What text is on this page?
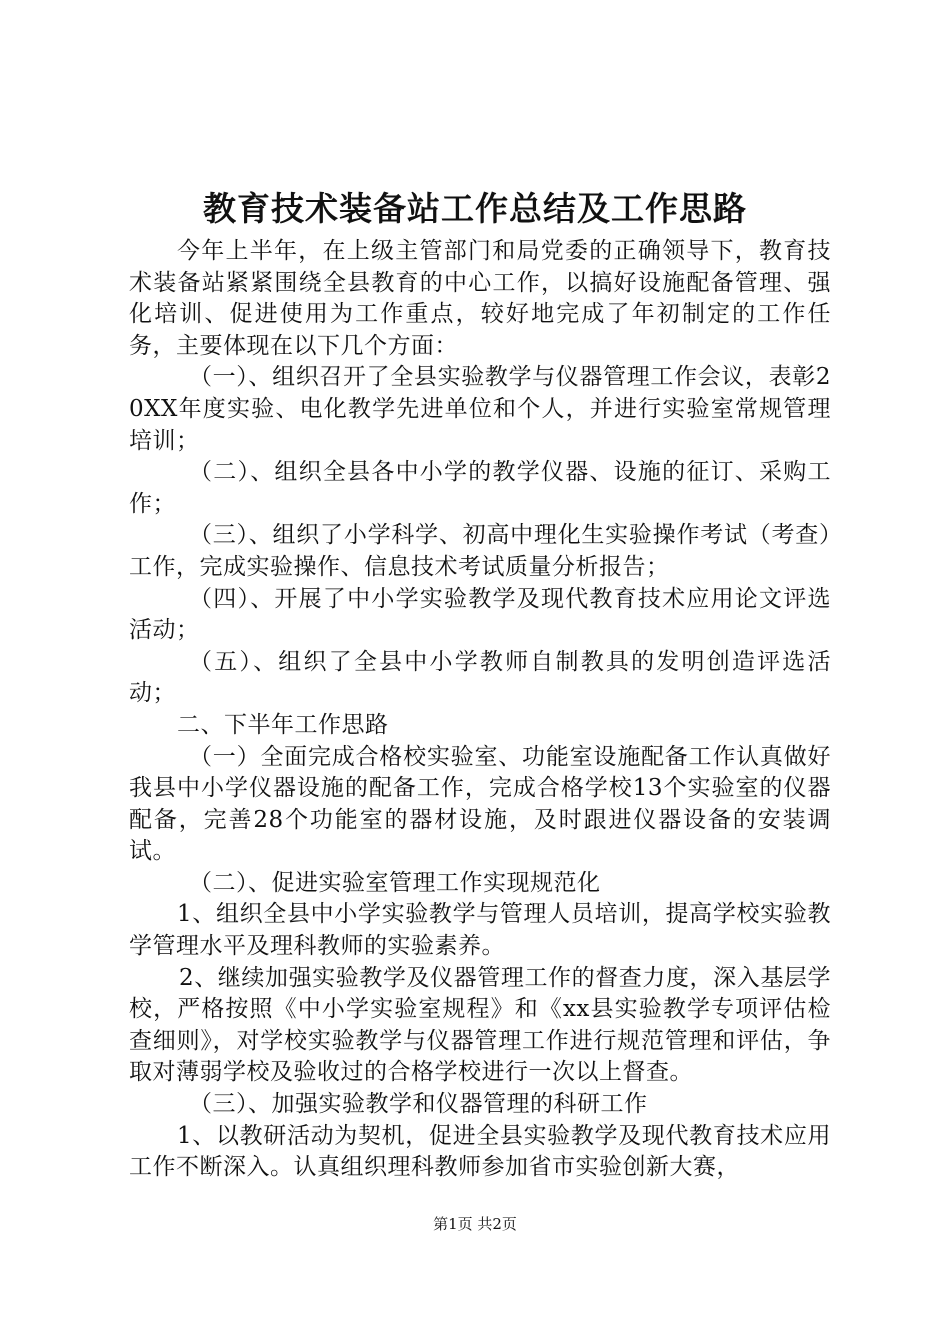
教育技术装备站工作总结及工作思路

今年上半年，在上级主管部门和局党委的正确领导下，教育技术装备站紧紧围绕全县教育的中心工作，以搞好设施配备管理、强化培训、促进使用为工作重点，较好地完成了年初制定的工作任务，主要体现在以下几个方面：

（一）、组织召开了全县实验教学与仪器管理工作会议，表彰20XX年度实验、电化教学先进单位和个人，并进行实验室常规管理培训；

（二）、组织全县各中小学的教学仪器、设施的征订、采购工作；

（三）、组织了小学科学、初高中理化生实验操作考试（考查）工作，完成实验操作、信息技术考试质量分析报告；

（四）、开展了中小学实验教学及现代教育技术应用论文评选活动；

（五）、组织了全县中小学教师自制教具的发明创造评选活动；

二、下半年工作思路

（一）全面完成合格校实验室、功能室设施配备工作认真做好我县中小学仪器设施的配备工作，完成合格学校13个实验室的仪器配备，完善28个功能室的器材设施，及时跟进仪器设备的安装调试。

（二）、促进实验室管理工作实现规范化

1、组织全县中小学实验教学与管理人员培训，提高学校实验教学管理水平及理科教师的实验素养。

2、继续加强实验教学及仪器管理工作的督查力度，深入基层学校，严格按照《中小学实验室规程》和《xx县实验教学专项评估检查细则》，对学校实验教学与仪器管理工作进行规范管理和评估，争取对薄弱学校及验收过的合格学校进行一次以上督查。

（三）、加强实验教学和仪器管理的科研工作

1、以教研活动为契机，促进全县实验教学及现代教育技术应用工作不断深入。认真组织理科教师参加省市实验创新大赛，

第1页 共2页
